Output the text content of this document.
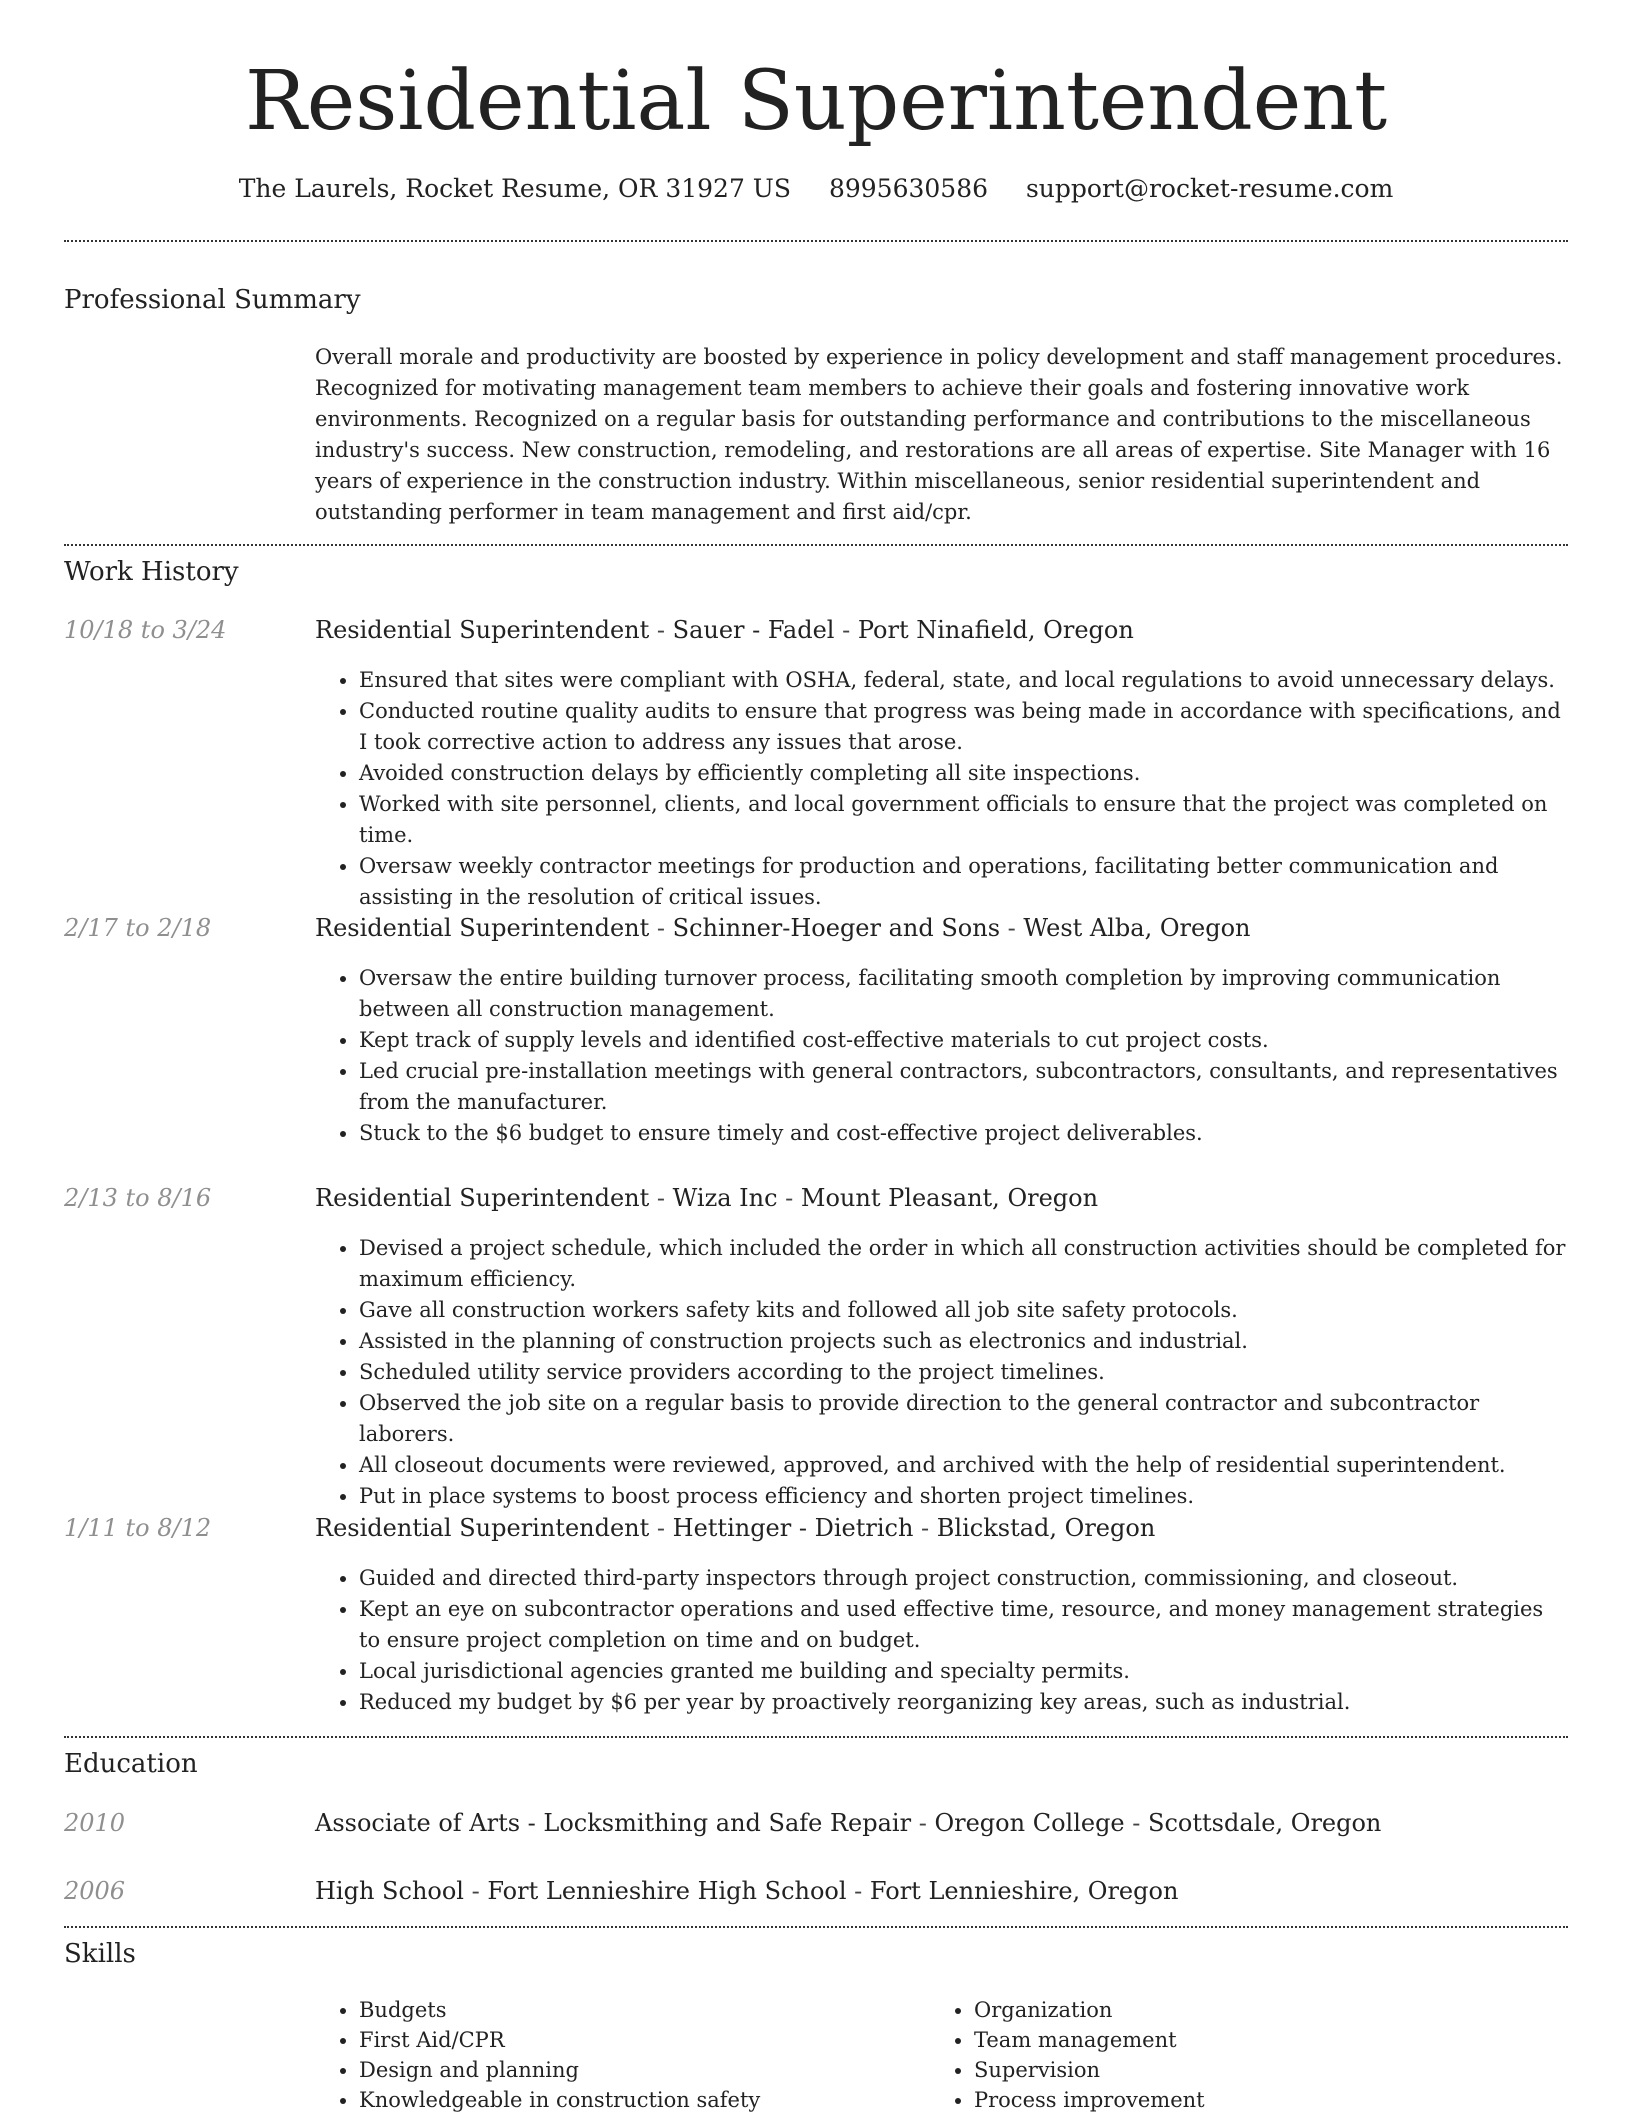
Residential Superintendent
The Laurels, Rocket Resume, OR 31927 US 8995630586 support@rocket-resume.com
Professional Summary
Overall morale and productivity are boosted by experience in policy development and staff management procedures. Recognized for motivating management team members to achieve their goals and fostering innovative work environments. Recognized on a regular basis for outstanding performance and contributions to the miscellaneous industry's success. New construction, remodeling, and restorations are all areas of expertise. Site Manager with 16 years of experience in the construction industry. Within miscellaneous, senior residential superintendent and outstanding performer in team management and first aid/cpr.
Work History
10/18 to 3/24	Residential Superintendent - Sauer - Fadel - Port Ninafield, Oregon
• Ensured that sites were compliant with OSHA, federal, state, and local regulations to avoid unnecessary delays.
• Conducted routine quality audits to ensure that progress was being made in accordance with specifications, and I took corrective action to address any issues that arose.
• Avoided construction delays by efficiently completing all site inspections.
• Worked with site personnel, clients, and local government officials to ensure that the project was completed on time.
• Oversaw weekly contractor meetings for production and operations, facilitating better communication and assisting in the resolution of critical issues.
2/17 to 2/18	Residential Superintendent - Schinner-Hoeger and Sons - West Alba, Oregon
• Oversaw the entire building turnover process, facilitating smooth completion by improving communication between all construction management.
• Kept track of supply levels and identified cost-effective materials to cut project costs.
• Led crucial pre-installation meetings with general contractors, subcontractors, consultants, and representatives from the manufacturer.
• Stuck to the $6 budget to ensure timely and cost-effective project deliverables.
2/13 to 8/16	Residential Superintendent - Wiza Inc - Mount Pleasant, Oregon
• Devised a project schedule, which included the order in which all construction activities should be completed for maximum efficiency.
• Gave all construction workers safety kits and followed all job site safety protocols.
• Assisted in the planning of construction projects such as electronics and industrial.
• Scheduled utility service providers according to the project timelines.
• Observed the job site on a regular basis to provide direction to the general contractor and subcontractor laborers.
• All closeout documents were reviewed, approved, and archived with the help of residential superintendent.
• Put in place systems to boost process efficiency and shorten project timelines.
1/11 to 8/12	Residential Superintendent - Hettinger - Dietrich - Blickstad, Oregon
• Guided and directed third-party inspectors through project construction, commissioning, and closeout.
• Kept an eye on subcontractor operations and used effective time, resource, and money management strategies to ensure project completion on time and on budget.
• Local jurisdictional agencies granted me building and specialty permits.
• Reduced my budget by $6 per year by proactively reorganizing key areas, such as industrial.
Education
2010	Associate of Arts - Locksmithing and Safe Repair - Oregon College - Scottsdale, Oregon
2006	High School - Fort Lennieshire High School - Fort Lennieshire, Oregon
Skills
• Budgets
• First Aid/CPR
• Design and planning
• Knowledgeable in construction safety
• Organization
• Team management
• Supervision
• Process improvement
